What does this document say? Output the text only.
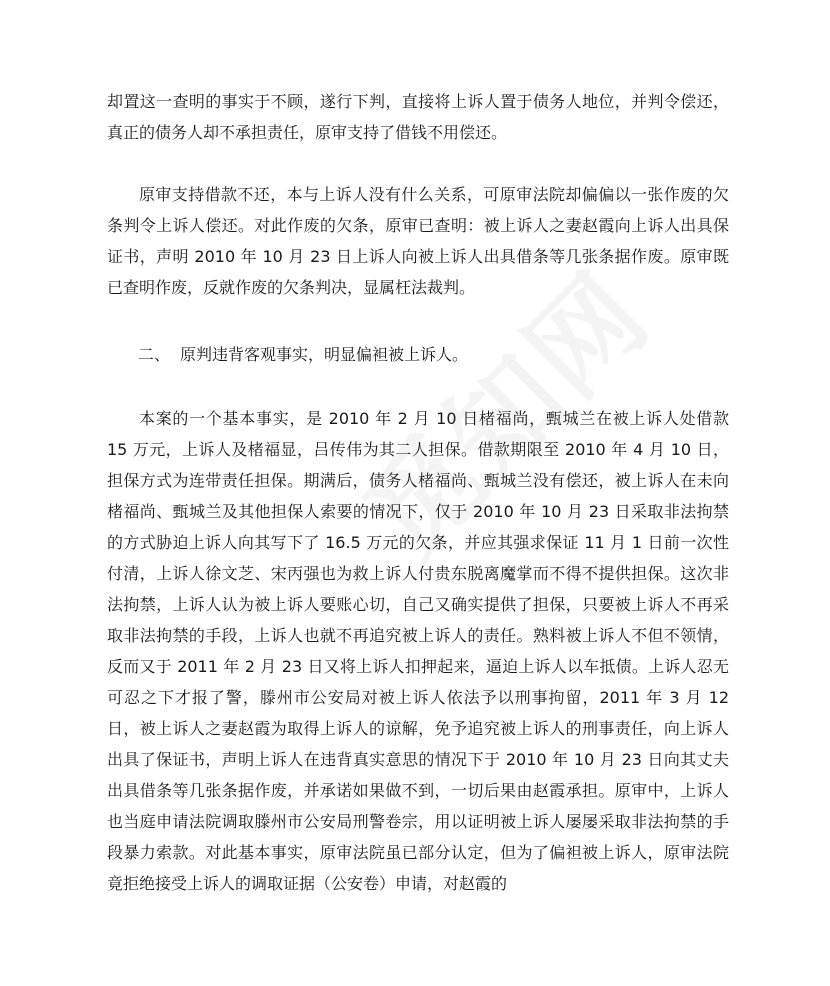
却置这一查明的事实于不顾，遂行下判，直接将上诉人置于债务人地位，并判令偿还，真正的债务人却不承担责任，原审支持了借钱不用偿还。

原审支持借款不还，本与上诉人没有什么关系，可原审法院却偏偏以一张作废的欠条判令上诉人偿还。对此作废的欠条，原审已查明：被上诉人之妻赵霞向上诉人出具保证书，声明 2010 年 10 月 23 日上诉人向被上诉人出具借条等几张条据作废。原审既已查明作废，反就作废的欠条判决，显属枉法裁判。

二、 原判违背客观事实，明显偏袒被上诉人。

本案的一个基本事实，是 2010 年 2 月 10 日楮福尚，甄城兰在被上诉人处借款 15 万元，上诉人及楮福显，吕传伟为其二人担保。借款期限至 2010 年 4 月 10 日，担保方式为连带责任担保。期满后，债务人楮福尚、甄城兰没有偿还，被上诉人在未向楮福尚、甄城兰及其他担保人索要的情况下，仅于 2010 年 10 月 23 日采取非法拘禁的方式胁迫上诉人向其写下了 16.5 万元的欠条，并应其强求保证 11 月 1 日前一次性付清，上诉人徐文芝、宋丙强也为救上诉人付贵东脱离魔掌而不得不提供担保。这次非法拘禁，上诉人认为被上诉人要账心切，自己又确实提供了担保，只要被上诉人不再采取非法拘禁的手段，上诉人也就不再追究被上诉人的责任。熟料被上诉人不但不领情，反而又于 2011 年 2 月 23 日又将上诉人扣押起来，逼迫上诉人以车抵债。上诉人忍无可忍之下才报了警，滕州市公安局对被上诉人依法予以刑事拘留，2011 年 3 月 12 日，被上诉人之妻赵霞为取得上诉人的谅解，免予追究被上诉人的刑事责任，向上诉人出具了保证书，声明上诉人在违背真实意思的情况下于 2010 年 10 月 23 日向其丈夫出具借条等几张条据作废，并承诺如果做不到，一切后果由赵霞承担。原审中，上诉人也当庭申请法院调取滕州市公安局刑警卷宗，用以证明被上诉人屡屡采取非法拘禁的手段暴力索款。对此基本事实，原审法院虽已部分认定，但为了偏袒被上诉人，原审法院竟拒绝接受上诉人的调取证据（公安卷）申请，对赵霞的
